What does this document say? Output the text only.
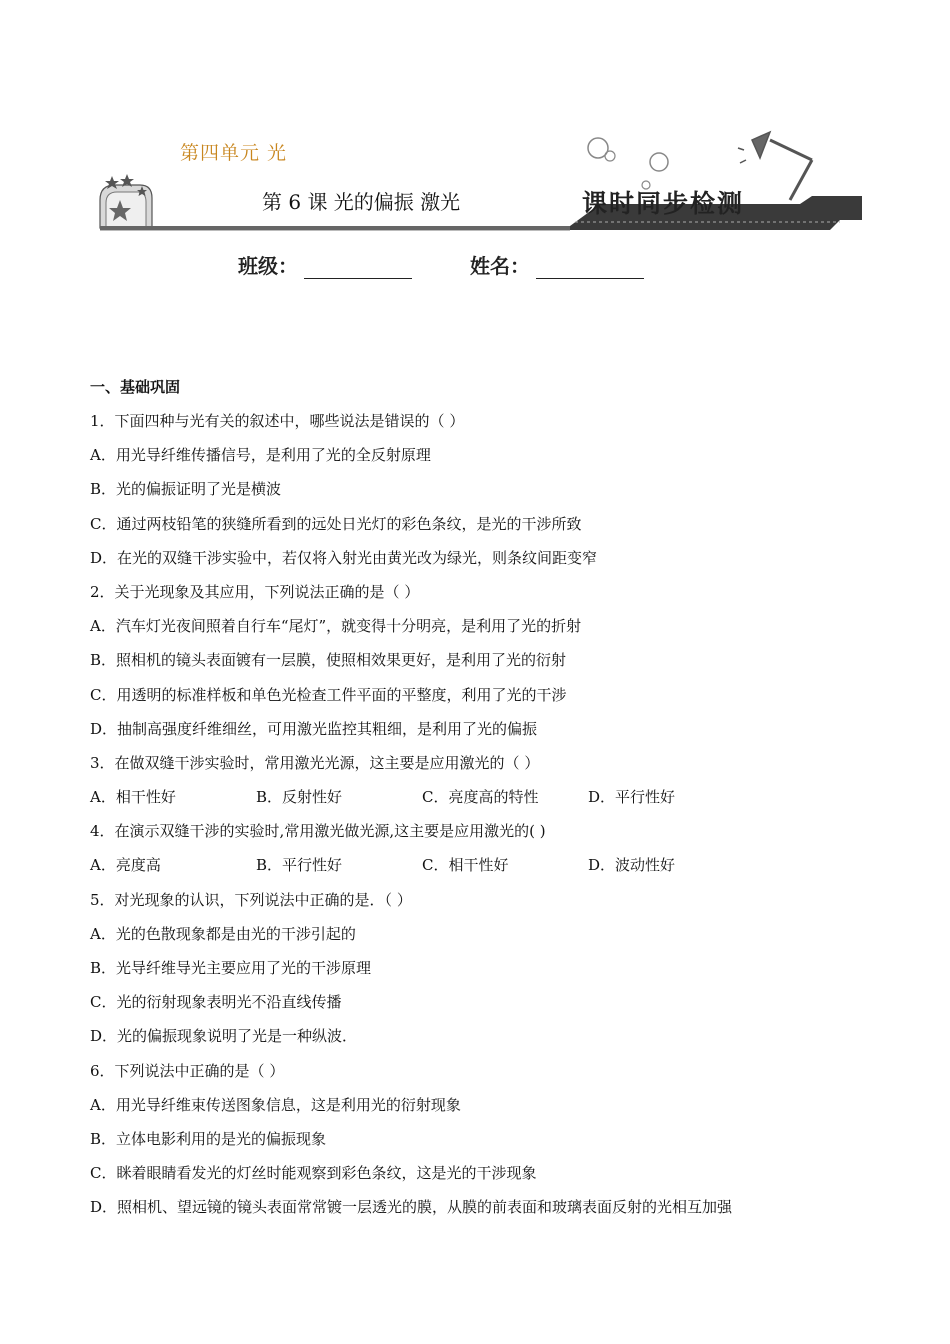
第四单元 光
第 6 课 光的偏振 激光	课时同步检测
班级：	姓名：
一、基础巩固
1．下面四种与光有关的叙述中，哪些说法是错误的（ ）
A．用光导纤维传播信号，是利用了光的全反射原理
B．光的偏振证明了光是横波
C．通过两枝铅笔的狭缝所看到的远处日光灯的彩色条纹，是光的干涉所致
D．在光的双缝干涉实验中，若仅将入射光由黄光改为绿光，则条纹间距变窄
2．关于光现象及其应用，下列说法正确的是（ ）
A．汽车灯光夜间照着自行车“尾灯”，就变得十分明亮，是利用了光的折射
B．照相机的镜头表面镀有一层膜，使照相效果更好，是利用了光的衍射
C．用透明的标准样板和单色光检查工件平面的平整度，利用了光的干涉
D．抽制高强度纤维细丝，可用激光监控其粗细，是利用了光的偏振
3．在做双缝干涉实验时，常用激光光源，这主要是应用激光的（ ）
A．相干性好	B．反射性好	C．亮度高的特性	D．平行性好
4．在演示双缝干涉的实验时,常用激光做光源,这主要是应用激光的( )
A．亮度高	B．平行性好	C．相干性好	D．波动性好
5．对光现象的认识，下列说法中正确的是．（ ）
A．光的色散现象都是由光的干涉引起的
B．光导纤维导光主要应用了光的干涉原理
C．光的衍射现象表明光不沿直线传播
D．光的偏振现象说明了光是一种纵波．
6．下列说法中正确的是（ ）
A．用光导纤维束传送图象信息，这是利用光的衍射现象
B．立体电影利用的是光的偏振现象
C．眯着眼睛看发光的灯丝时能观察到彩色条纹，这是光的干涉现象
D．照相机、望远镜的镜头表面常常镀一层透光的膜，从膜的前表面和玻璃表面反射的光相互加强
